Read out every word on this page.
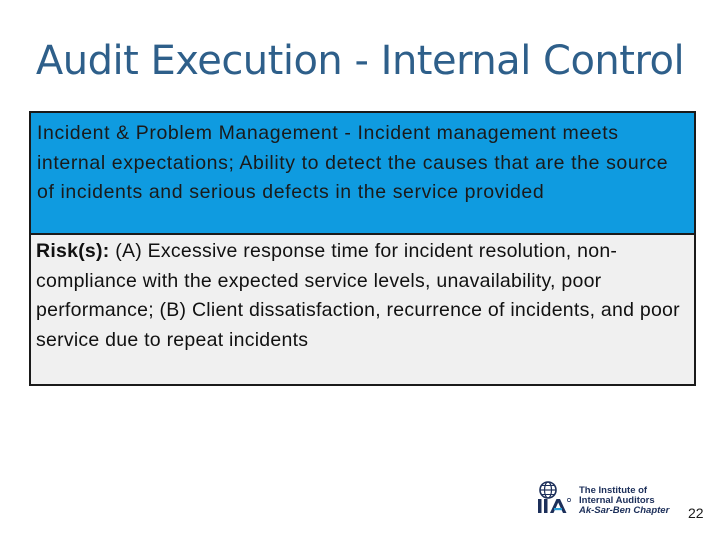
Audit Execution - Internal Control
Incident & Problem Management - Incident management meets internal expectations; Ability to detect the causes that are the source of incidents and serious defects in the service provided
Risk(s): (A) Excessive response time for incident resolution, non-compliance with the expected service levels, unavailability, poor performance; (B) Client dissatisfaction, recurrence of incidents, and poor service due to repeat incidents
The Institute of
Internal Auditors
Ak-Sar-Ben Chapter 22
